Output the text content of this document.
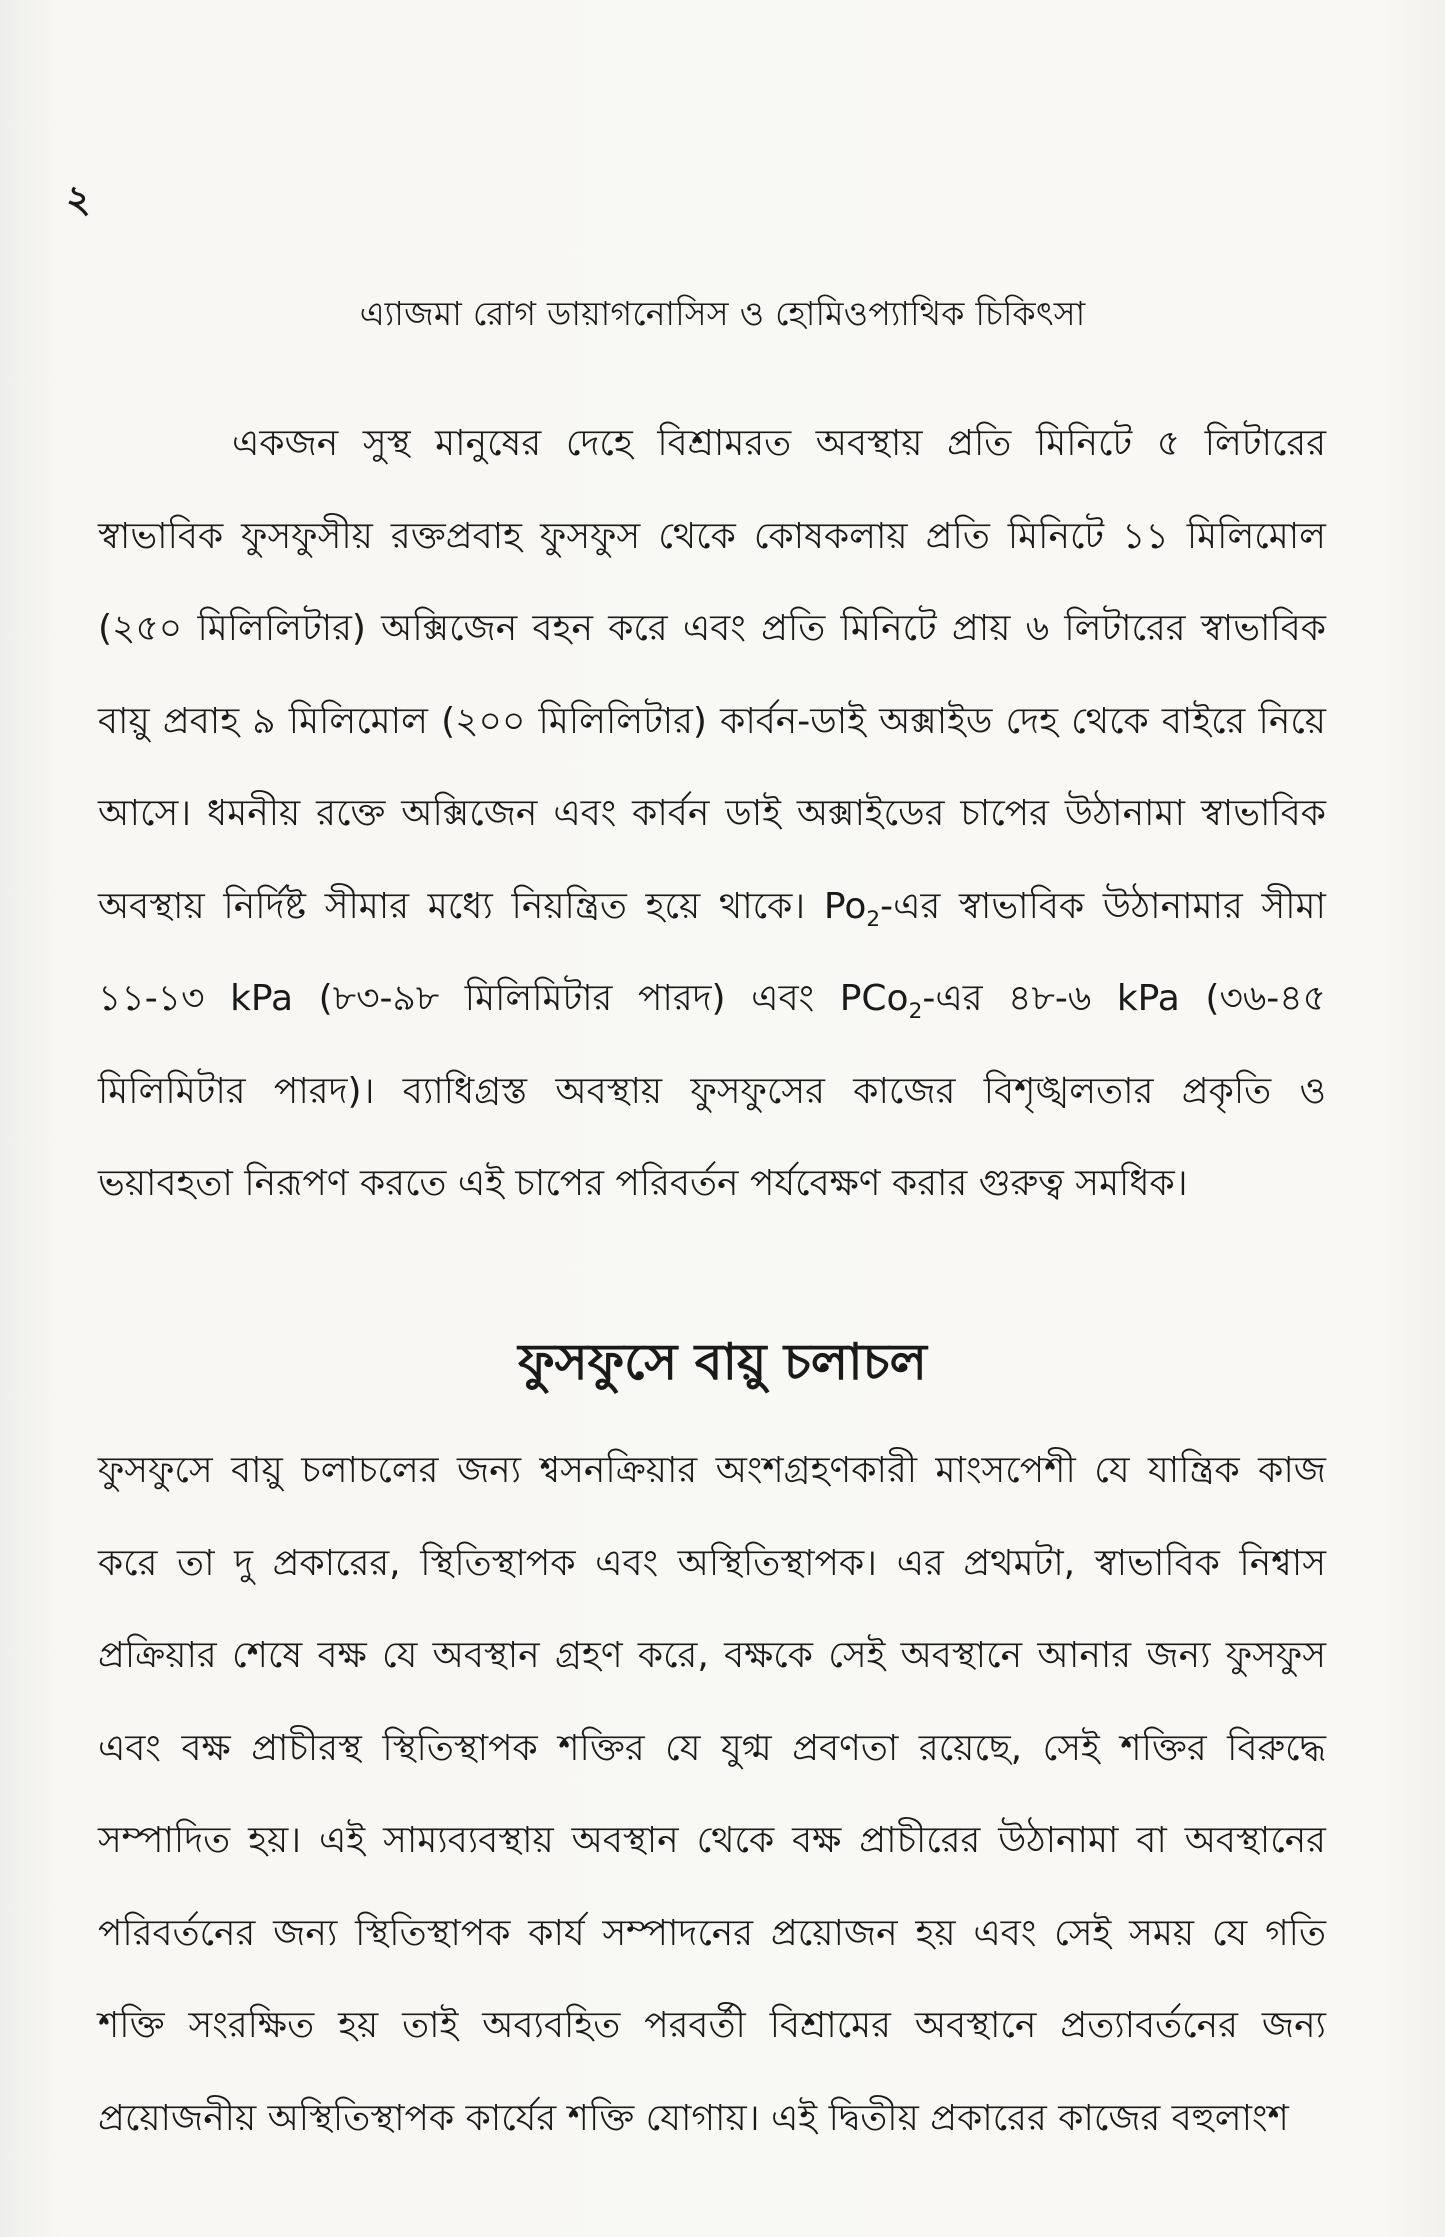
২
এ্যাজমা রোগ ডায়াগনোসিস ও হোমিওপ্যাথিক চিকিৎসা

একজন সুস্থ মানুষের দেহে বিশ্রামরত অবস্থায় প্রতি মিনিটে ৫ লিটারের স্বাভাবিক ফুসফুসীয় রক্তপ্রবাহ ফুসফুস থেকে কোষকলায় প্রতি মিনিটে ১১ মিলিমোল (২৫০ মিলিলিটার) অক্সিজেন বহন করে এবং প্রতি মিনিটে প্রায় ৬ লিটারের স্বাভাবিক বায়ু প্রবাহ ৯ মিলিমোল (২০০ মিলিলিটার) কার্বন-ডাই অক্সাইড দেহ থেকে বাইরে নিয়ে আসে। ধমনীয় রক্তে অক্সিজেন এবং কার্বন ডাই অক্সাইডের চাপের উঠানামা স্বাভাবিক অবস্থায় নির্দিষ্ট সীমার মধ্যে নিয়ন্ত্রিত হয়ে থাকে। $Po_2-এর$ স্বাভাবিক উঠানামার সীমা ১১-১৩ kPa (৮৩-৯৮ মিলিমিটার পারদ) এবং PCo$_2$-এর ৪৮-৬ kPa (৩৬-৪৫ মিলিমিটার পারদ)। ব্যাধিগ্রস্ত অবস্থায় ফুসফুসের কাজের বিশৃঙ্খলতার প্রকৃতি ও ভয়াবহতা নিরূপণ করতে এই চাপের পরিবর্তন পর্যবেক্ষণ করার গুরুত্ব সমধিক।

ফুসফুসে বায়ু চলাচল

ফুসফুসে বায়ু চলাচলের জন্য শ্বসনক্রিয়ার অংশগ্রহণকারী মাংসপেশী যে যান্ত্রিক কাজ করে তা দু প্রকারের, স্থিতিস্থাপক এবং অস্থিতিস্থাপক। এর প্রথমটা, স্বাভাবিক নিশ্বাস প্রক্রিয়ার শেষে বক্ষ যে অবস্থান গ্রহণ করে, বক্ষকে সেই অবস্থানে আনার জন্য ফুসফুস এবং বক্ষ প্রাচীরস্থ স্থিতিস্থাপক শক্তির যে যুগ্ম প্রবণতা রয়েছে, সেই শক্তির বিরুদ্ধে সম্পাদিত হয়। এই সাম্যব্যবস্থায় অবস্থান থেকে বক্ষ প্রাচীরের উঠানামা বা অবস্থানের পরিবর্তনের জন্য স্থিতিস্থাপক কার্য সম্পাদনের প্রয়োজন হয় এবং সেই সময় যে গতি শক্তি সংরক্ষিত হয় তাই অব্যবহিত পরবর্তী বিশ্রামের অবস্থানে প্রত্যাবর্তনের জন্য প্রয়োজনীয় অস্থিতিস্থাপক কার্যের শক্তি যোগায়। এই দ্বিতীয় প্রকারের কাজের বহুলাংশ
